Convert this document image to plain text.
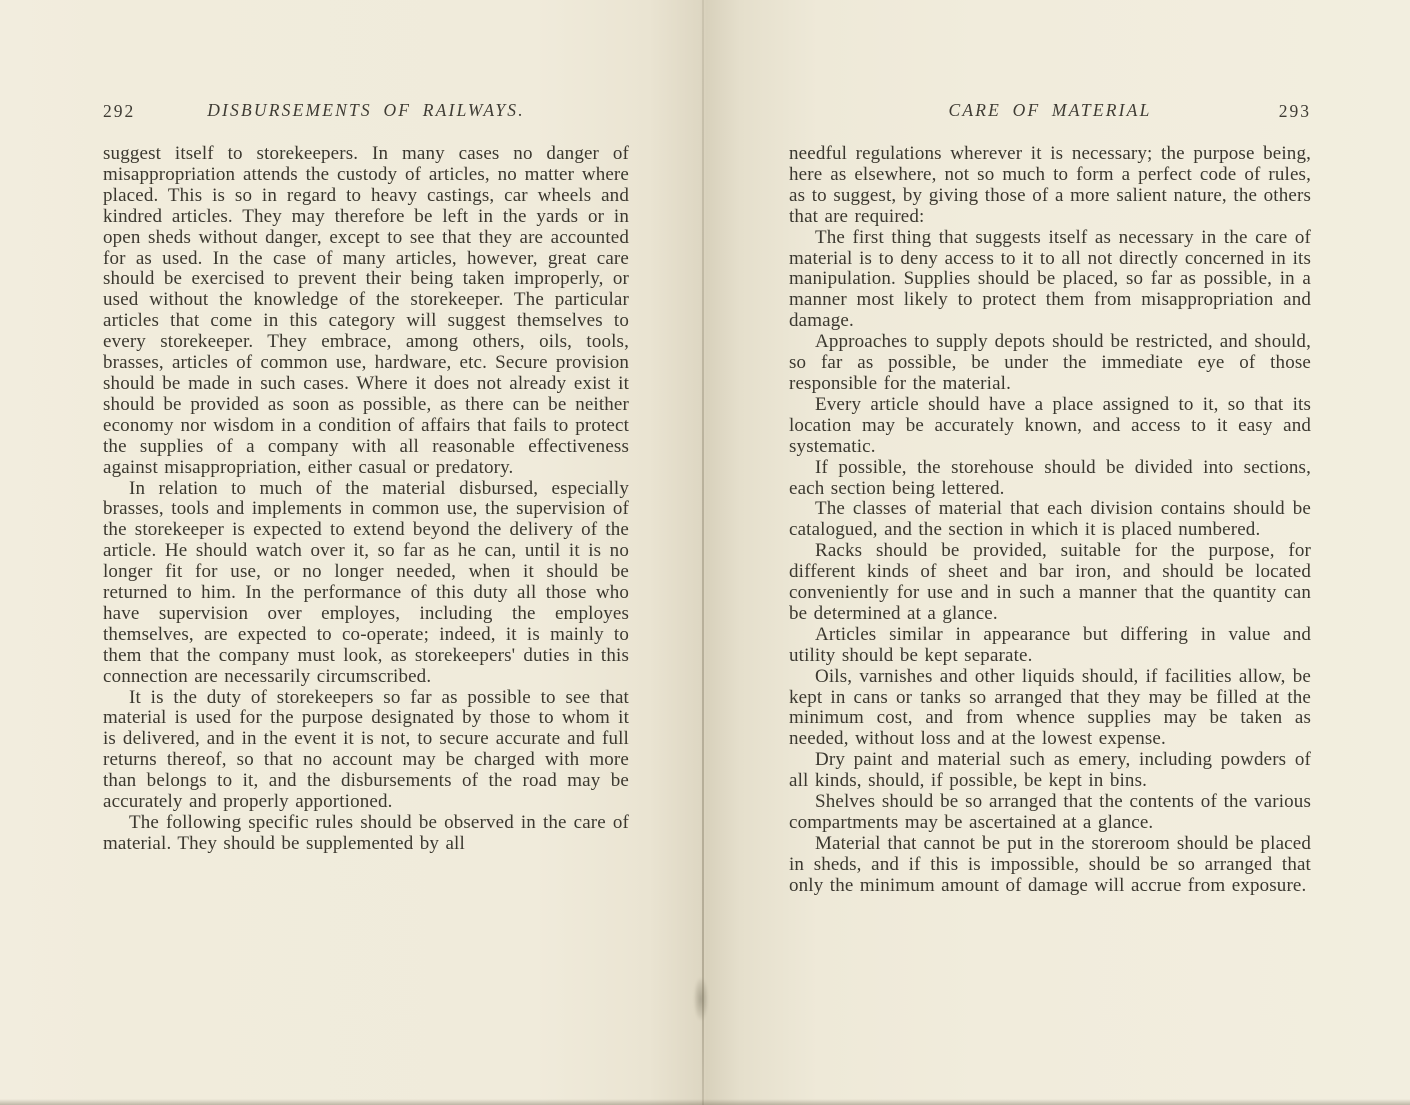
292	DISBURSEMENTS OF RAILWAYS.

suggest itself to storekeepers. In many cases no danger of misappropriation attends the custody of articles, no matter where placed. This is so in regard to heavy castings, car wheels and kindred articles. They may therefore be left in the yards or in open sheds without danger, except to see that they are accounted for as used. In the case of many articles, however, great care should be exercised to prevent their being taken improperly, or used without the knowledge of the storekeeper. The particular articles that come in this category will suggest themselves to every storekeeper. They embrace, among others, oils, tools, brasses, articles of common use, hardware, etc. Secure provision should be made in such cases. Where it does not already exist it should be provided as soon as possible, as there can be neither economy nor wisdom in a condition of affairs that fails to protect the supplies of a company with all reasonable effectiveness against misappropriation, either casual or predatory.

In relation to much of the material disbursed, especially brasses, tools and implements in common use, the supervision of the storekeeper is expected to extend beyond the delivery of the article. He should watch over it, so far as he can, until it is no longer fit for use, or no longer needed, when it should be returned to him. In the performance of this duty all those who have supervision over employes, including the employes themselves, are expected to co-operate; indeed, it is mainly to them that the company must look, as storekeepers' duties in this connection are necessarily circumscribed.

It is the duty of storekeepers so far as possible to see that material is used for the purpose designated by those to whom it is delivered, and in the event it is not, to secure accurate and full returns thereof, so that no account may be charged with more than belongs to it, and the disbursements of the road may be accurately and properly apportioned.

The following specific rules should be observed in the care of material. They should be supplemented by all

CARE OF MATERIAL	293

needful regulations wherever it is necessary; the purpose being, here as elsewhere, not so much to form a perfect code of rules, as to suggest, by giving those of a more salient nature, the others that are required:

The first thing that suggests itself as necessary in the care of material is to deny access to it to all not directly concerned in its manipulation. Supplies should be placed, so far as possible, in a manner most likely to protect them from misappropriation and damage.

Approaches to supply depots should be restricted, and should, so far as possible, be under the immediate eye of those responsible for the material.

Every article should have a place assigned to it, so that its location may be accurately known, and access to it easy and systematic.

If possible, the storehouse should be divided into sections, each section being lettered.

The classes of material that each division contains should be catalogued, and the section in which it is placed numbered.

Racks should be provided, suitable for the purpose, for different kinds of sheet and bar iron, and should be located conveniently for use and in such a manner that the quantity can be determined at a glance.

Articles similar in appearance but differing in value and utility should be kept separate.

Oils, varnishes and other liquids should, if facilities allow, be kept in cans or tanks so arranged that they may be filled at the minimum cost, and from whence supplies may be taken as needed, without loss and at the lowest expense.

Dry paint and material such as emery, including powders of all kinds, should, if possible, be kept in bins.

Shelves should be so arranged that the contents of the various compartments may be ascertained at a glance.

Material that cannot be put in the storeroom should be placed in sheds, and if this is impossible, should be so arranged that only the minimum amount of damage will accrue from exposure.
